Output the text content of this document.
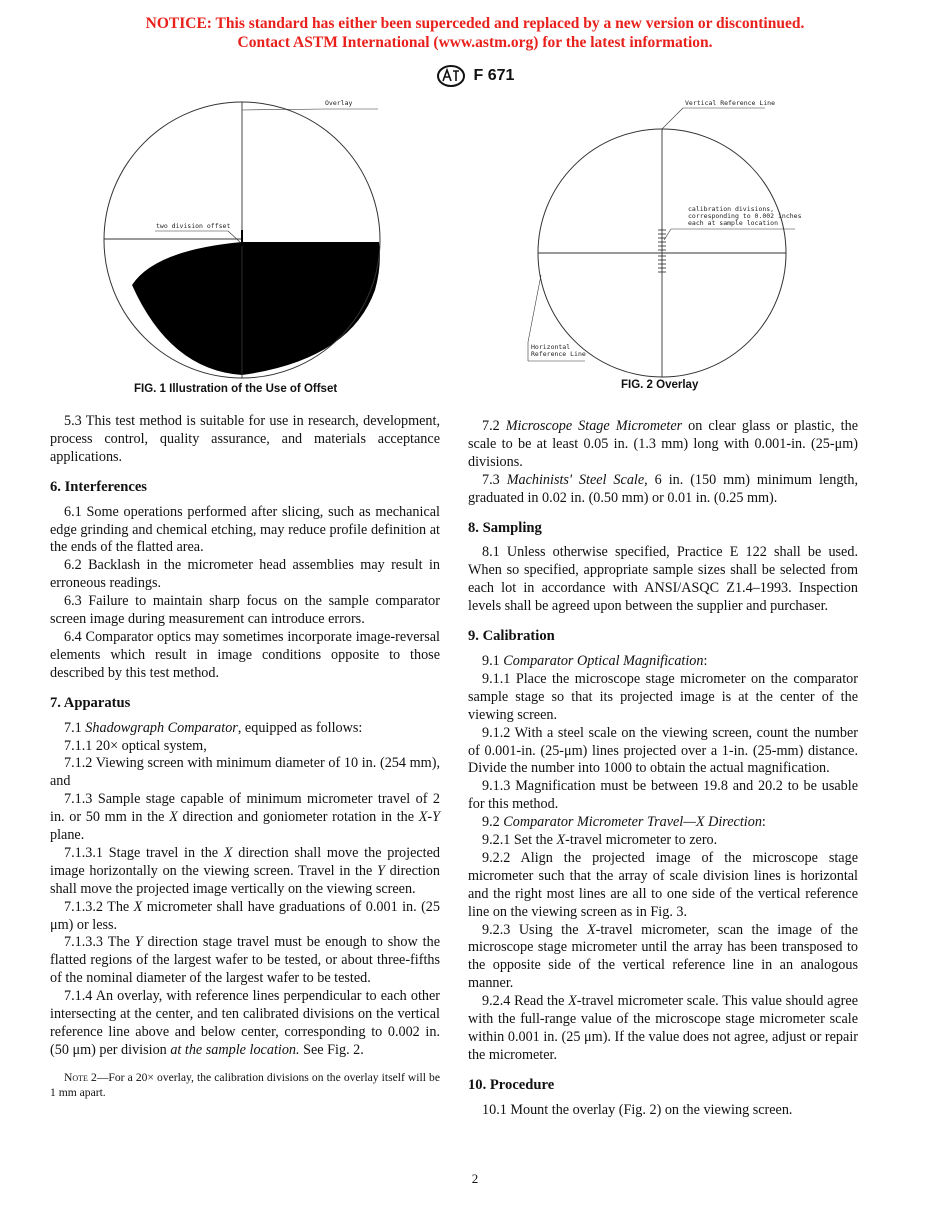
NOTICE: This standard has either been superceded and replaced by a new version or discontinued.
Contact ASTM International (www.astm.org) for the latest information.
F 671
Overlay
two division offset
FIG. 1 Illustration of the Use of Offset
Vertical Reference Line
calibration divisions,
corresponding to 0.002 inches
each at sample location
Horizontal
Reference Line
FIG. 2 Overlay

5.3 This test method is suitable for use in research, development, process control, quality assurance, and materials acceptance applications.

6. Interferences

6.1 Some operations performed after slicing, such as mechanical edge grinding and chemical etching, may reduce profile definition at the ends of the flatted area.

6.2 Backlash in the micrometer head assemblies may result in erroneous readings.

6.3 Failure to maintain sharp focus on the sample comparator screen image during measurement can introduce errors.

6.4 Comparator optics may sometimes incorporate image-reversal elements which result in image conditions opposite to those described by this test method.

7. Apparatus

7.1 Shadowgraph Comparator, equipped as follows:

7.1.1 20× optical system,

7.1.2 Viewing screen with minimum diameter of 10 in. (254 mm), and

7.1.3 Sample stage capable of minimum micrometer travel of 2 in. or 50 mm in the X direction and goniometer rotation in the X-Y plane.

7.1.3.1 Stage travel in the X direction shall move the projected image horizontally on the viewing screen. Travel in the Y direction shall move the projected image vertically on the viewing screen.

7.1.3.2 The X micrometer shall have graduations of 0.001 in. (25 μm) or less.

7.1.3.3 The Y direction stage travel must be enough to show the flatted regions of the largest wafer to be tested, or about three-fifths of the nominal diameter of the largest wafer to be tested.

7.1.4 An overlay, with reference lines perpendicular to each other intersecting at the center, and ten calibrated divisions on the vertical reference line above and below center, corresponding to 0.002 in. (50 μm) per division at the sample location. See Fig. 2.

Note 2—For a 20× overlay, the calibration divisions on the overlay itself will be 1 mm apart.

7.2 Microscope Stage Micrometer on clear glass or plastic, the scale to be at least 0.05 in. (1.3 mm) long with 0.001-in. (25-μm) divisions.

7.3 Machinists' Steel Scale, 6 in. (150 mm) minimum length, graduated in 0.02 in. (0.50 mm) or 0.01 in. (0.25 mm).

8. Sampling

8.1 Unless otherwise specified, Practice E 122 shall be used. When so specified, appropriate sample sizes shall be selected from each lot in accordance with ANSI/ASQC Z1.4–1993. Inspection levels shall be agreed upon between the supplier and purchaser.

9. Calibration

9.1 Comparator Optical Magnification:

9.1.1 Place the microscope stage micrometer on the comparator sample stage so that its projected image is at the center of the viewing screen.

9.1.2 With a steel scale on the viewing screen, count the number of 0.001-in. (25-μm) lines projected over a 1-in. (25-mm) distance. Divide the number into 1000 to obtain the actual magnification.

9.1.3 Magnification must be between 19.8 and 20.2 to be usable for this method.

9.2 Comparator Micrometer Travel—X Direction:

9.2.1 Set the X-travel micrometer to zero.

9.2.2 Align the projected image of the microscope stage micrometer such that the array of scale division lines is horizontal and the right most lines are all to one side of the vertical reference line on the viewing screen as in Fig. 3.

9.2.3 Using the X-travel micrometer, scan the image of the microscope stage micrometer until the array has been transposed to the opposite side of the vertical reference line in an analogous manner.

9.2.4 Read the X-travel micrometer scale. This value should agree with the full-range value of the microscope stage micrometer scale within 0.001 in. (25 μm). If the value does not agree, adjust or repair the micrometer.

10. Procedure

10.1 Mount the overlay (Fig. 2) on the viewing screen.

2
